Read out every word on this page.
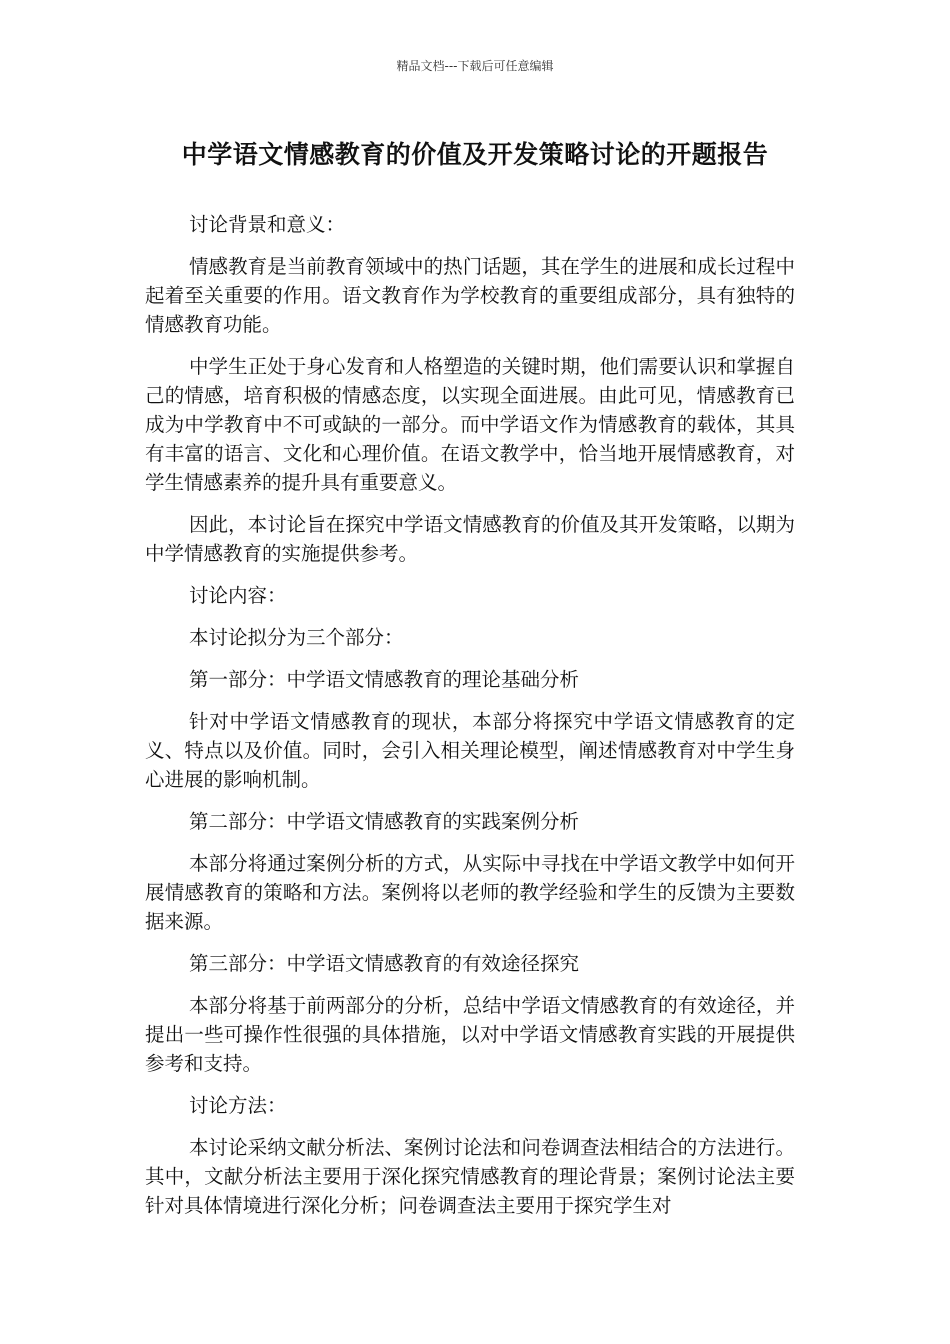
精品文档---下载后可任意编辑
中学语文情感教育的价值及开发策略讨论的开题报告

讨论背景和意义：

情感教育是当前教育领域中的热门话题，其在学生的进展和成长过程中起着至关重要的作用。语文教育作为学校教育的重要组成部分，具有独特的情感教育功能。

中学生正处于身心发育和人格塑造的关键时期，他们需要认识和掌握自己的情感，培育积极的情感态度，以实现全面进展。由此可见，情感教育已成为中学教育中不可或缺的一部分。而中学语文作为情感教育的载体，其具有丰富的语言、文化和心理价值。在语文教学中，恰当地开展情感教育，对学生情感素养的提升具有重要意义。

因此，本讨论旨在探究中学语文情感教育的价值及其开发策略，以期为中学情感教育的实施提供参考。

讨论内容：

本讨论拟分为三个部分：

第一部分：中学语文情感教育的理论基础分析

针对中学语文情感教育的现状，本部分将探究中学语文情感教育的定义、特点以及价值。同时，会引入相关理论模型，阐述情感教育对中学生身心进展的影响机制。

第二部分：中学语文情感教育的实践案例分析

本部分将通过案例分析的方式，从实际中寻找在中学语文教学中如何开展情感教育的策略和方法。案例将以老师的教学经验和学生的反馈为主要数据来源。

第三部分：中学语文情感教育的有效途径探究

本部分将基于前两部分的分析，总结中学语文情感教育的有效途径，并提出一些可操作性很强的具体措施，以对中学语文情感教育实践的开展提供参考和支持。

讨论方法：

本讨论采纳文献分析法、案例讨论法和问卷调查法相结合的方法进行。其中，文献分析法主要用于深化探究情感教育的理论背景；案例讨论法主要针对具体情境进行深化分析；问卷调查法主要用于探究学生对
